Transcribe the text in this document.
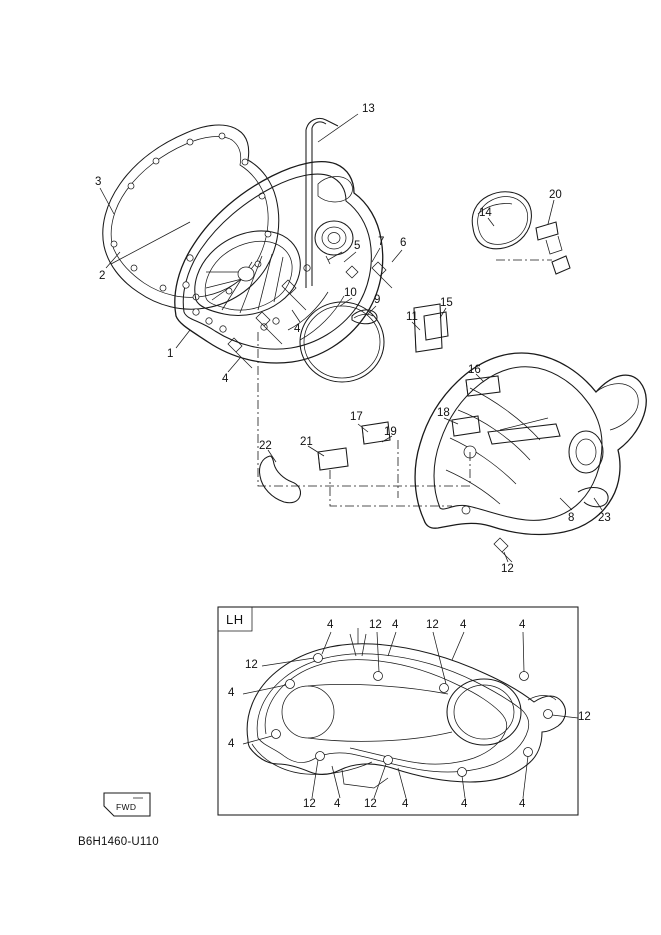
13
3
14
20
2
5 7 6
10
9	15
11
4
1
4
16
17	18
19
21
22
8 23
12
LH	4	12 4 12 4	4
12
4
12
4
12 4 12 4	4	4
FWD
B6H1460-U110
